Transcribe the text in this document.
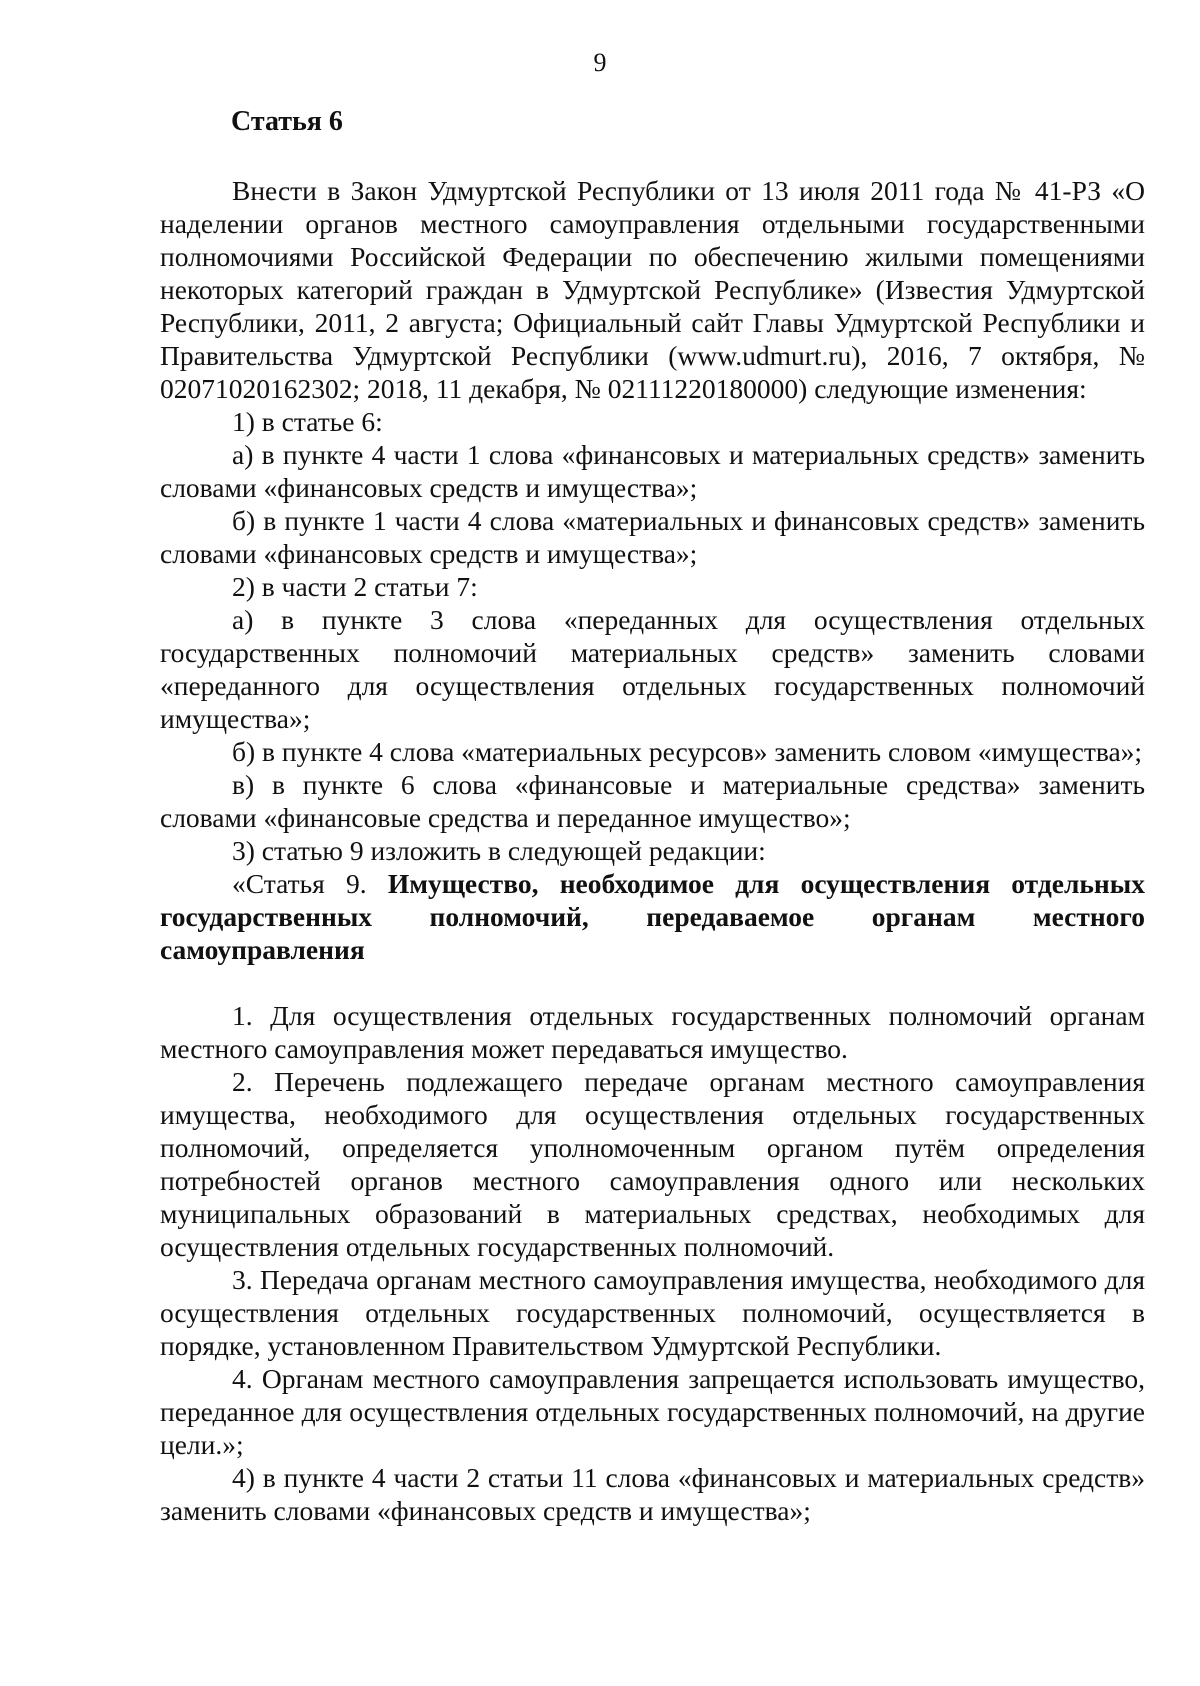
9
Статья 6

Внести в Закон Удмуртской Республики от 13 июля 2011 года № 41-РЗ «О наделении органов местного самоуправления отдельными государственными полномочиями Российской Федерации по обеспечению жилыми помещениями некоторых категорий граждан в Удмуртской Республике» (Известия Удмуртской Республики, 2011, 2 августа; Официальный сайт Главы Удмуртской Республики и Правительства Удмуртской Республики (www.udmurt.ru), 2016, 7 октября, № 02071020162302; 2018, 11 декабря, № 02111220180000) следующие изменения:

1) в статье 6:

а) в пункте 4 части 1 слова «финансовых и материальных средств» заменить словами «финансовых средств и имущества»;

б) в пункте 1 части 4 слова «материальных и финансовых средств» заменить словами «финансовых средств и имущества»;

2) в части 2 статьи 7:

а) в пункте 3 слова «переданных для осуществления отдельных государственных полномочий материальных средств» заменить словами «переданного для осуществления отдельных государственных полномочий имущества»;

б) в пункте 4 слова «материальных ресурсов» заменить словом «имущества»;

в) в пункте 6 слова «финансовые и материальные средства» заменить словами «финансовые средства и переданное имущество»;

3) статью 9 изложить в следующей редакции:

«Статья 9. Имущество, необходимое для осуществления отдельных государственных полномочий, передаваемое органам местного самоуправления

1. Для осуществления отдельных государственных полномочий органам местного самоуправления может передаваться имущество.

2. Перечень подлежащего передаче органам местного самоуправления имущества, необходимого для осуществления отдельных государственных полномочий, определяется уполномоченным органом путём определения потребностей органов местного самоуправления одного или нескольких муниципальных образований в материальных средствах, необходимых для осуществления отдельных государственных полномочий.

3. Передача органам местного самоуправления имущества, необходимого для осуществления отдельных государственных полномочий, осуществляется в порядке, установленном Правительством Удмуртской Республики.

4. Органам местного самоуправления запрещается использовать имущество, переданное для осуществления отдельных государственных полномочий, на другие цели.»;

4) в пункте 4 части 2 статьи 11 слова «финансовых и материальных средств» заменить словами «финансовых средств и имущества»;
